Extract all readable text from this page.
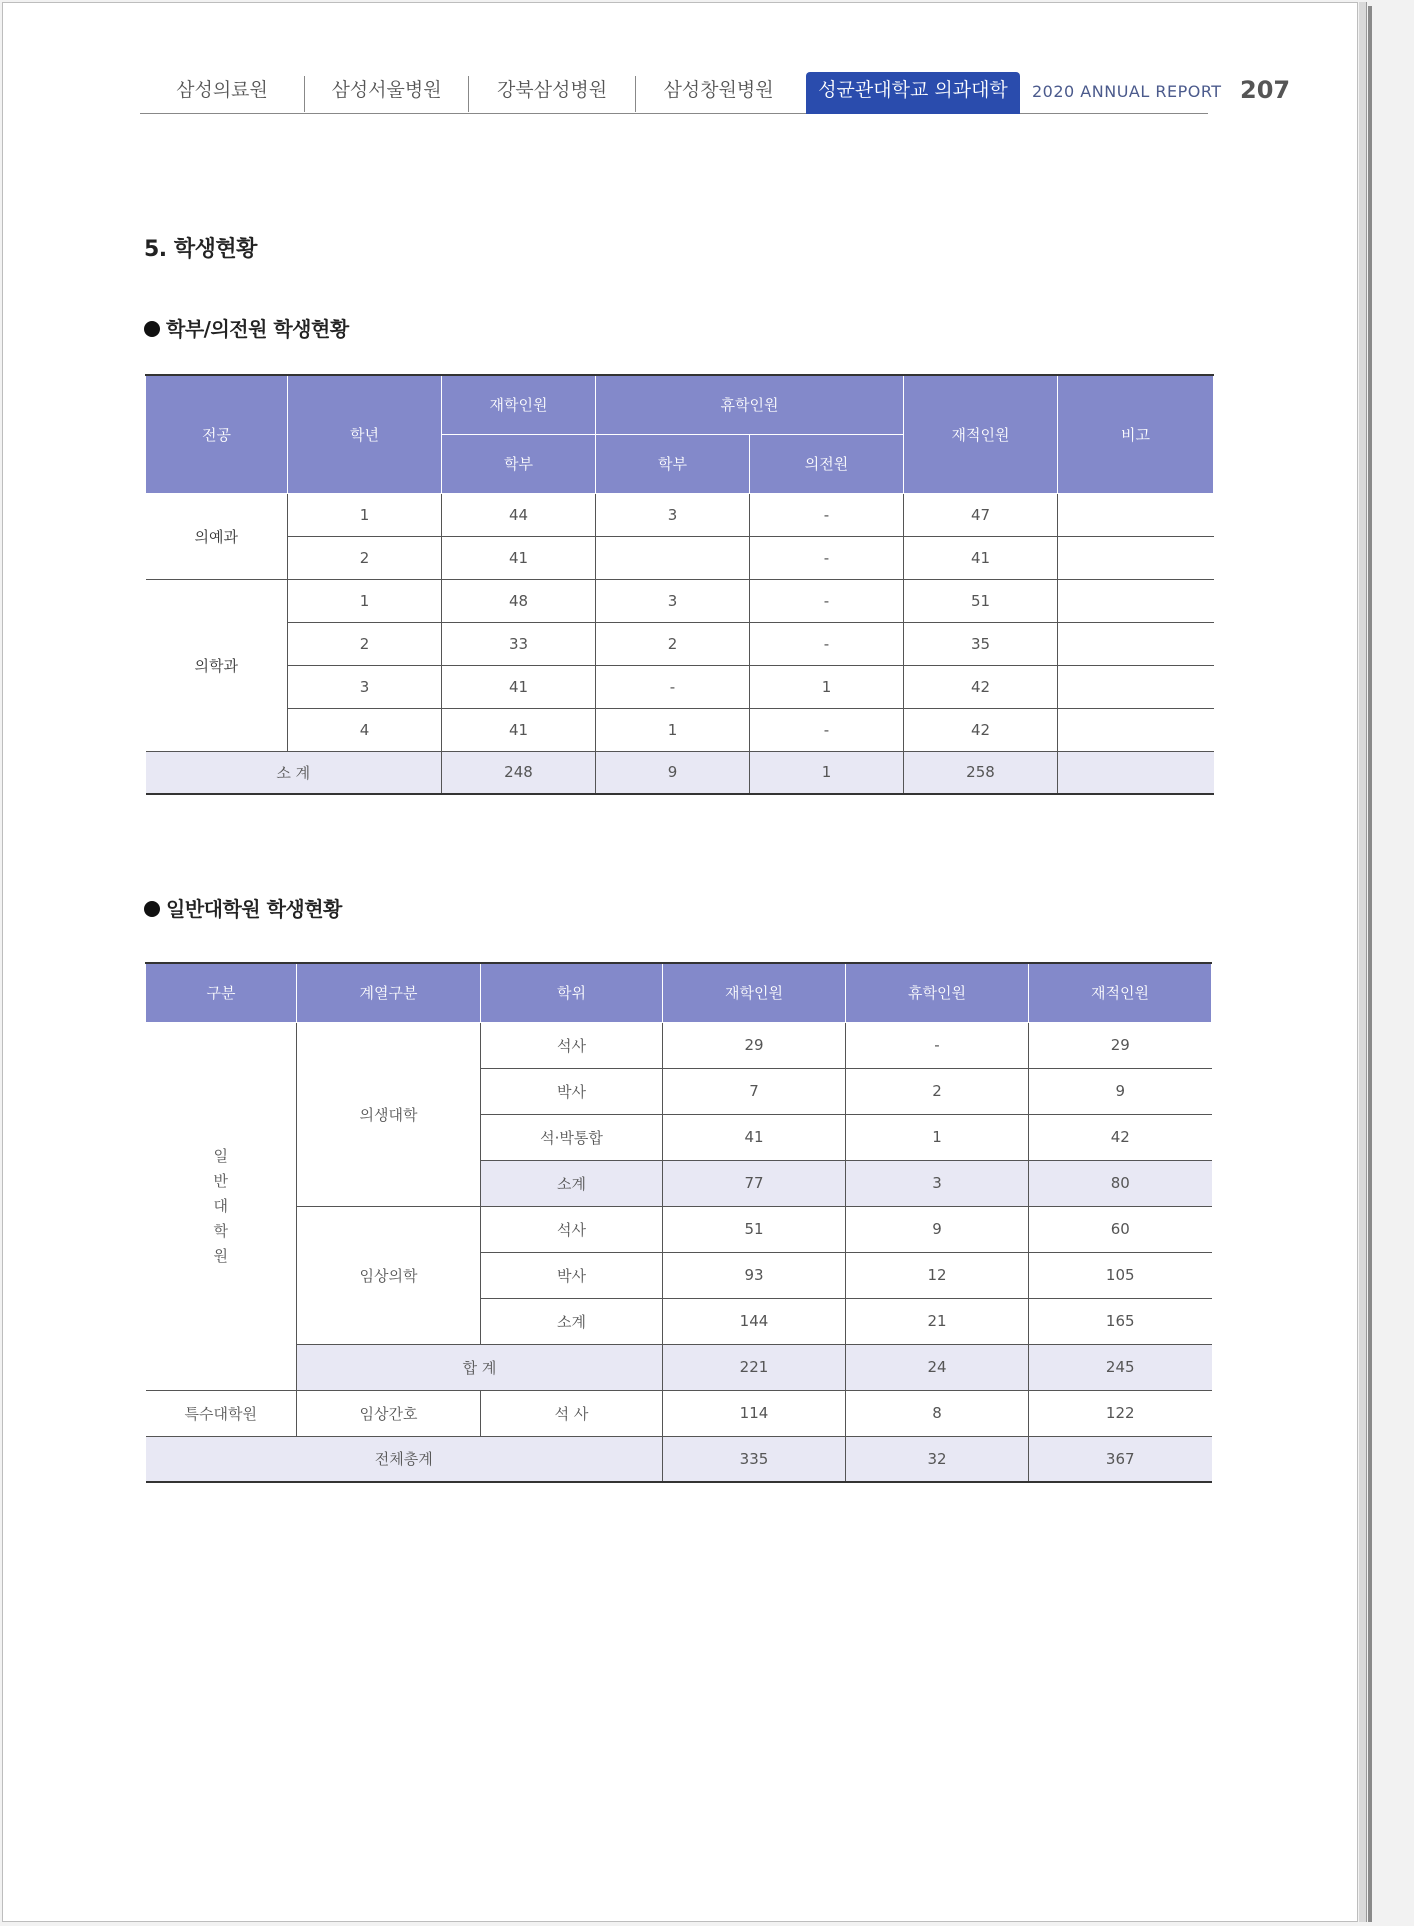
삼성의료원	삼성서울병원	강북삼성병원	삼성창원병원	성균관대학교 의과대학	2020 ANNUAL REPORT 207
5. 학생현황
학부/의전원 학생현황
전공	학년	재학인원	휴학인원		재적인원	비고
		학부	학부	의전원		
의예과	1	44	3	-	47	
	2	41		-	41	
의학과	1	48	3	-	51	
	2	33	2	-	35	
	3	41	-	1	42	
	4	41	1	-	42	
소 계		248	9	1	258	
일반대학원 학생현황
구분	계열구분	학위	재학인원	휴학인원	재적인원

일
반
대
학
원	의생대학	석사	29	-	29
		박사	7	2	9
		석·박통합	41	1	42
		소계	77	3	80
	임상의학	석사	51	9	60
		박사	93	12	105
		소계	144	21	165
	합 계		221	24	245
특수대학원	임상간호	석 사	114	8	122
전체총계			335	32	367
